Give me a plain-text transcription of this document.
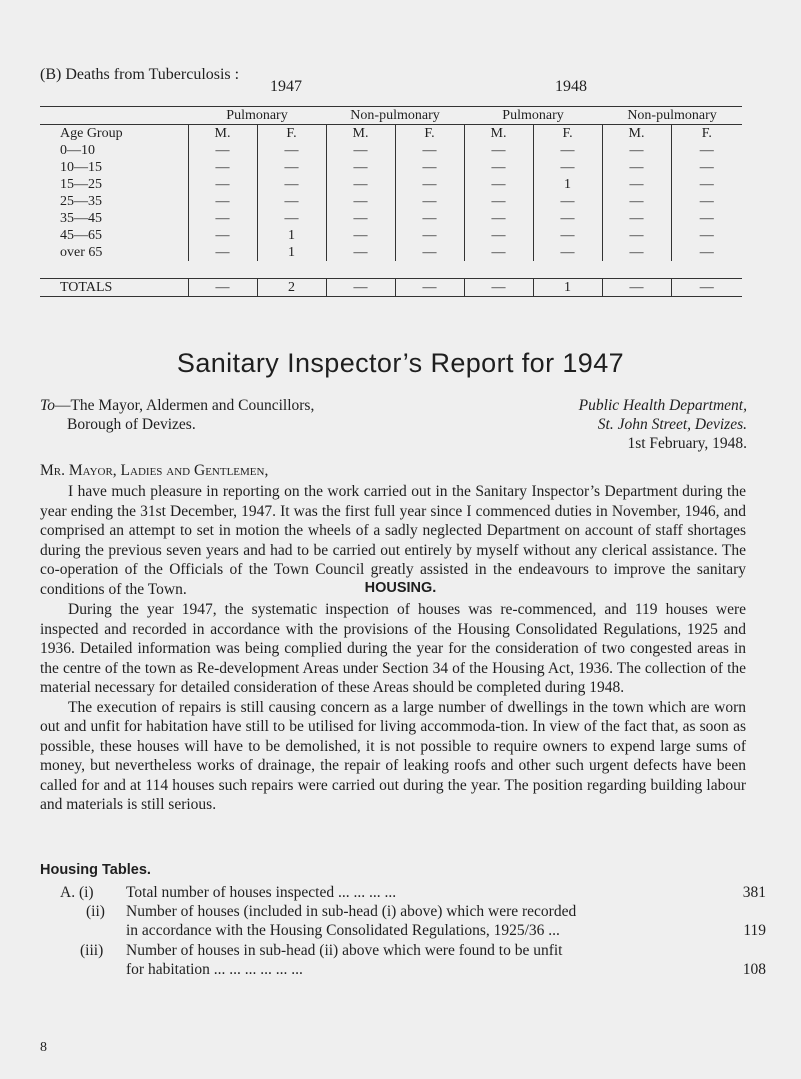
(B) Deaths from Tuberculosis :
1947	1948
	Pulmonary		Non-pulmonary		Pulmonary		Non-pulmonary	
Age Group	M.	F.	M.	F.	M.	F.	M.	F.
0—10	—	—	—	—	—	—	—	—
10—15	—	—	—	—	—	—	—	—
15—25	—	—	—	—	—	1	—	—
25—35	—	—	—	—	—	—	—	—
35—45	—	—	—	—	—	—	—	—
45—65	—	1	—	—	—	—	—	—
over 65	—	1	—	—	—	—	—	—

TOTALS	—	2	—	—	—	1	—	—
Sanitary Inspector’s Report for 1947
To—The Mayor, Aldermen and Councillors,
Borough of Devizes.
Public Health Department,
St. John Street, Devizes.
1st February, 1948.
Mr. Mayor, Ladies and Gentlemen,

I have much pleasure in reporting on the work carried out in the Sanitary Inspector’s Department during the year ending the 31st December, 1947. It was the first full year since I commenced duties in November, 1946, and comprised an attempt to set in motion the wheels of a sadly neglected Department on account of staff shortages during the previous seven years and had to be carried out entirely by myself without any clerical assistance. The co-operation of the Officials of the Town Council greatly assisted in the endeavours to improve the sanitary conditions of the Town.	HOUSING.

During the year 1947, the systematic inspection of houses was re-commenced, and 119 houses were inspected and recorded in accordance with the provisions of the Housing Consolidated Regulations, 1925 and 1936. Detailed information was being complied during the year for the consideration of two congested areas in the centre of the town as Re-development Areas under Section 34 of the Housing Act, 1936. The collection of the material necessary for detailed consideration of these Areas should be completed during 1948.

The execution of repairs is still causing concern as a large number of dwellings in the town which are worn out and unfit for habitation have still to be utilised for living accommoda-tion. In view of the fact that, as soon as possible, these houses will have to be demolished, it is not possible to require owners to expend large sums of money, but nevertheless works of drainage, the repair of leaking roofs and other such urgent defects have been called for and at 114 houses such repairs were carried out during the year. The position regarding building labour and materials is still serious.

Housing Tables.
A. (i) Total number of houses inspected ... ... ... ...	381
(ii) Number of houses (included in sub-head (i) above) which were recorded
in accordance with the Housing Consolidated Regulations, 1925/36 ...	119
(iii) Number of houses in sub-head (ii) above which were found to be unfit
for habitation ... ... ... ... ... ...	108
8
